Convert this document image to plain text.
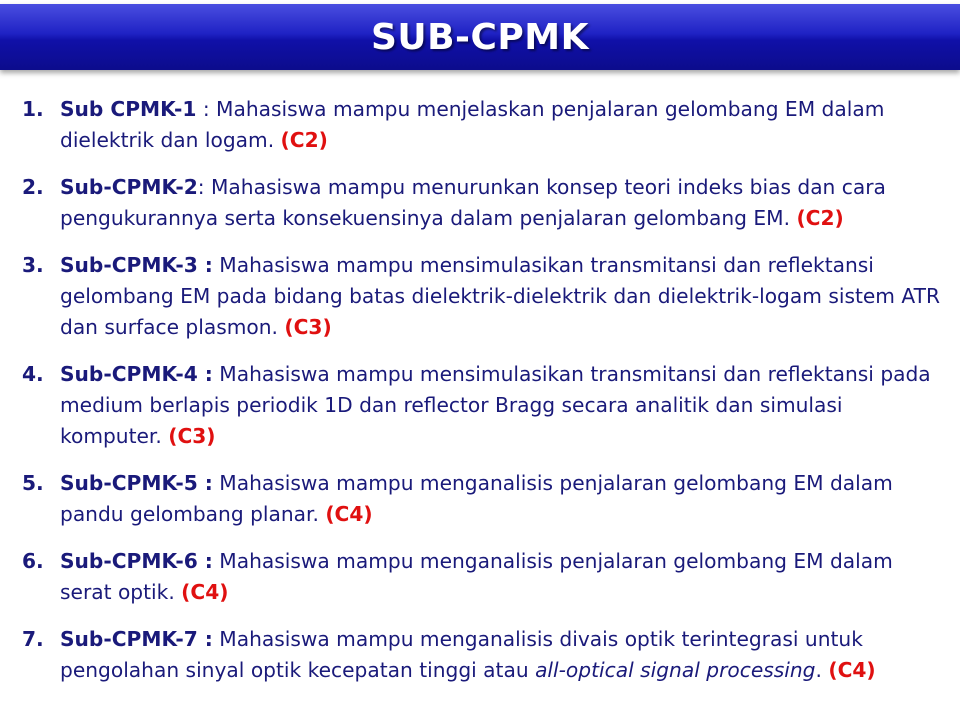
SUB-CPMK
1. Sub CPMK-1 : Mahasiswa mampu menjelaskan penjalaran gelombang EM dalam dielektrik dan logam. (C2)
2. Sub-CPMK-2: Mahasiswa mampu menurunkan konsep teori indeks bias dan cara pengukurannya serta konsekuensinya dalam penjalaran gelombang EM. (C2)
3. Sub-CPMK-3 : Mahasiswa mampu mensimulasikan transmitansi dan reflektansi gelombang EM pada bidang batas dielektrik-dielektrik dan dielektrik-logam sistem ATR dan surface plasmon. (C3)
4. Sub-CPMK-4 : Mahasiswa mampu mensimulasikan transmitansi dan reflektansi pada medium berlapis periodik 1D dan reflector Bragg secara analitik dan simulasi komputer. (C3)
5. Sub-CPMK-5 : Mahasiswa mampu menganalisis penjalaran gelombang EM dalam pandu gelombang planar. (C4)
6. Sub-CPMK-6 : Mahasiswa mampu menganalisis penjalaran gelombang EM dalam serat optik. (C4)
7. Sub-CPMK-7 : Mahasiswa mampu menganalisis divais optik terintegrasi untuk pengolahan sinyal optik kecepatan tinggi atau all-optical signal processing. (C4)
